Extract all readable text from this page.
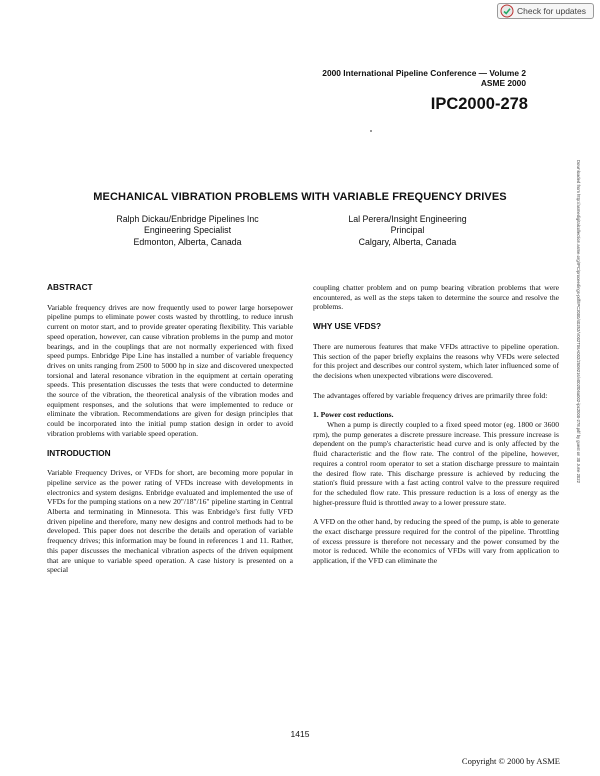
Check for updates
2000 International Pipeline Conference — Volume 2
ASME 2000
IPC2000-278
MECHANICAL VIBRATION PROBLEMS WITH VARIABLE FREQUENCY DRIVES
Ralph Dickau/Enbridge Pipelines Inc
Engineering Specialist
Edmonton, Alberta, Canada
Lal Perera/Insight Engineering
Principal
Calgary, Alberta, Canada

ABSTRACT

Variable frequency drives are now frequently used to power large horsepower pipeline pumps to eliminate power costs wasted by throttling, to reduce inrush current on motor start, and to provide greater operating flexibility. This variable speed operation, however, can cause vibration problems in the pump and motor bearings, and in the couplings that are not normally experienced with fixed speed pumps. Enbridge Pipe Line has installed a number of variable frequency drives on units ranging from 2500 to 5000 hp in size and discovered unexpected torsional and lateral resonance vibration in the equipment at certain operating speeds. This presentation discusses the tests that were conducted to determine the source of the vibration, the theoretical analysis of the vibration modes and equipment responses, and the solutions that were implemented to reduce or eliminate the vibration. Recommendations are given for design principles that could be incorporated into the initial pump station design in order to avoid vibration problems with variable speed operation.

INTRODUCTION

Variable Frequency Drives, or VFDs for short, are becoming more popular in pipeline service as the power rating of VFDs increase with developments in electronics and system designs. Enbridge evaluated and implemented the use of VFDs for the pumping stations on a new 20"/18"/16" pipeline starting in Central Alberta and terminating in Minnesota. This was Enbridge's first fully VFD driven pipeline and therefore, many new designs and control methods had to be developed. This paper does not describe the details and operation of variable frequency drives; this information may be found in references 1 and 11. Rather, this paper discusses the mechanical vibration aspects of the driven equipment that are unique to variable speed operation. A case history is presented on a special

coupling chatter problem and on pump bearing vibration problems that were encountered, as well as the steps taken to determine the source and resolve the problems.

WHY USE VFDS?

There are numerous features that make VFDs attractive to pipeline operation. This section of the paper briefly explains the reasons why VFDs were selected for this project and describes our control system, which later influenced some of the decisions when unexpected vibrations were discovered.

The advantages offered by variable frequency drives are primarily three fold:

1. Power cost reductions.

When a pump is directly coupled to a fixed speed motor (eg. 1800 or 3600 rpm), the pump generates a discrete pressure increase. This pressure increase is dependent on the pump's characteristic head curve and is only affected by the fluid characteristic and the flow rate. The control of the pipeline, however, requires a control room operator to set a station discharge pressure to maintain the desired flow rate. This discharge pressure is achieved by reducing the station's fluid pressure with a fast acting control valve to the pressure required for the scheduled flow rate. This pressure reduction is a loss of energy as the higher-pressure fluid is throttled away to a lower pressure state.

A VFD on the other hand, by reducing the speed of the pump, is able to generate the exact discharge pressure required for the control of the pipeline. Throttling of excess pressure is therefore not necessary and the power consumed by the motor is reduced. While the economics of VFDs will vary from application to application, if the VFD can eliminate the

1415
Copyright © 2000 by ASME
Downloaded from http://asmedigitalcollection.asme.org/IPC/proceedings-pdf/IPC2000/40252/V002T06A002/2509216/v002t06a002-ipc2000-278.pdf by guest on 30 June 2022
